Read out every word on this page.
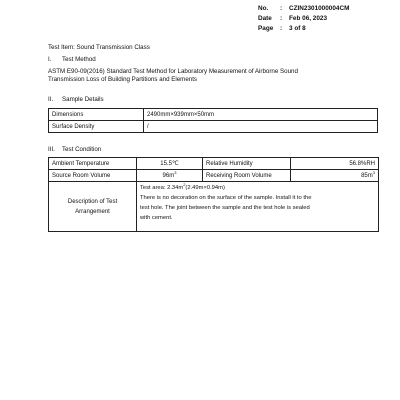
No.	:	CZIN2301000004CM
Date	:	Feb 06, 2023
Page	:	3 of 8
Test Item: Sound Transmission Class
I. Test Method
ASTM E90-09(2016) Standard Test Method for Laboratory Measurement of Airborne Sound
Transmission Loss of Building Partitions and Elements
II. Sample Details
Dimensions	2490mm×939mm×50mm
Surface Density	/
III. Test Condition
Ambient Temperature	15.5℃	Relative Humidity	56.8%RH
Source Room Volume	$96m^3$	Receiving Room Volume	$85m^3$
Description of Test Arrangement	Test area: $2.34m^2(2.49m\times 0.94m)$
There is no decoration on the surface of the sample. Install it to the
test hole. The joint between the sample and the test hole is sealed
with cement.		
